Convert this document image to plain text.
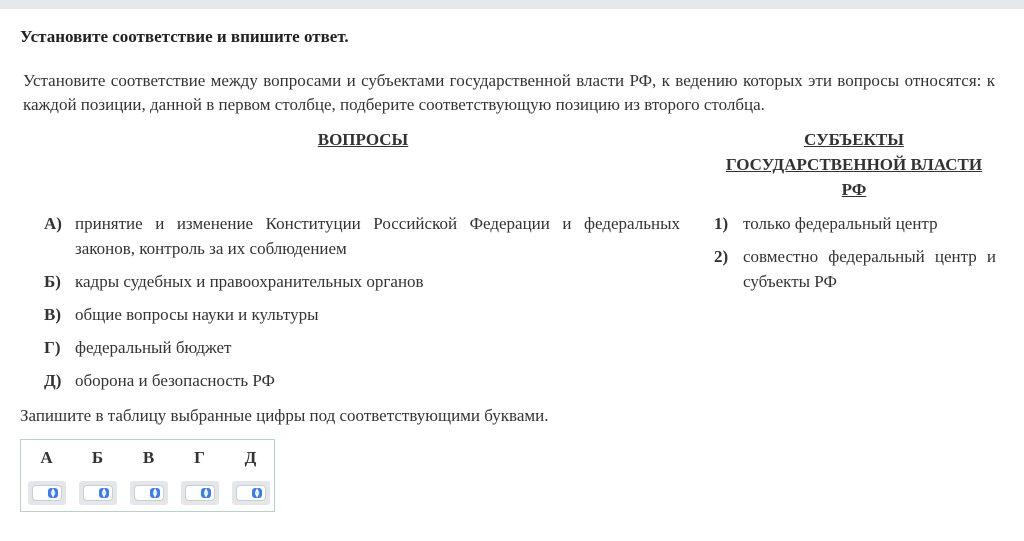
Установите соответствие и впишите ответ.
Установите соответствие между вопросами и субъектами государственной власти РФ, к ведению которых эти вопросы относятся: к каждой позиции, данной в первом столбце, подберите соответствующую позицию из второго столбца.
ВОПРОСЫ	СУБЪЕКТЫ ГОСУДАРСТВЕННОЙ ВЛАСТИ РФ
А) принятие и изменение Конституции Российской Федерации и федеральных законов, контроль за их соблюдением
Б) кадры судебных и правоохранительных органов
В) общие вопросы науки и культуры
Г) федеральный бюджет
Д) оборона и безопасность РФ
1) только федеральный центр
2) совместно федеральный центр и субъекты РФ
Запишите в таблицу выбранные цифры под соответствующими буквами.
А	Б	В	Г	Д
▲
▼
▲
▼
▲
▼
▲
▼
▲
▼
